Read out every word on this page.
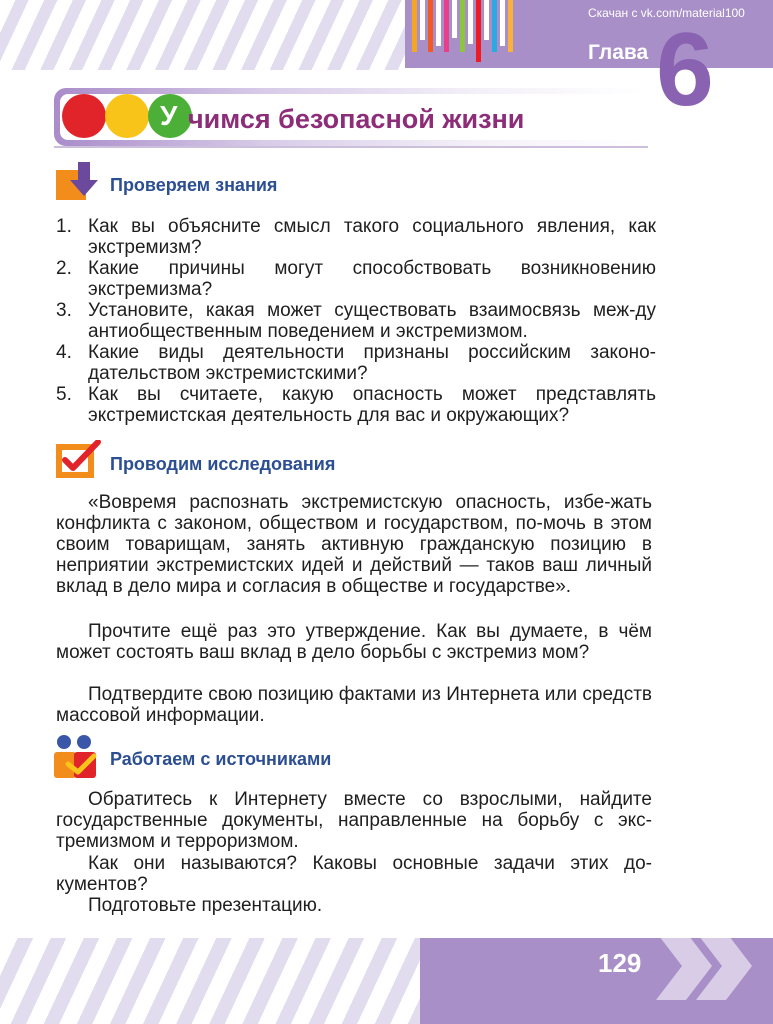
Скачан с vk.com/material100
Глава 6
У чимся безопасной жизни
Проверяем знания
1. Как вы объясните смысл такого социального явления, как экстремизм?
2. Какие причины могут способствовать возникновению экстремизма?
3. Установите, какая может существовать взаимосвязь меж-ду антиобщественным поведением и экстремизмом.
4. Какие виды деятельности признаны российским законо-дательством экстремистскими?
5. Как вы считаете, какую опасность может представлять экстремистская деятельность для вас и окружающих?
Проводим исследования
«Вовремя распознать экстремистскую опасность, избе-жать конфликта с законом, обществом и государством, по-мочь в этом своим товарищам, занять активную гражданскую позицию в неприятии экстремистских идей и действий — таков ваш личный вклад в дело мира и согласия в обществе и государстве».
Прочтите ещё раз это утверждение. Как вы думаете, в чём может состоять ваш вклад в дело борьбы с экстремиз мом?
Подтвердите свою позицию фактами из Интернета или средств массовой информации.
Работаем с источниками
Обратитесь к Интернету вместе со взрослыми, найдите государственные документы, направленные на борьбу с экс-тремизмом и терроризмом.
Как они называются? Каковы основные задачи этих до-кументов?
Подготовьте презентацию.
129
